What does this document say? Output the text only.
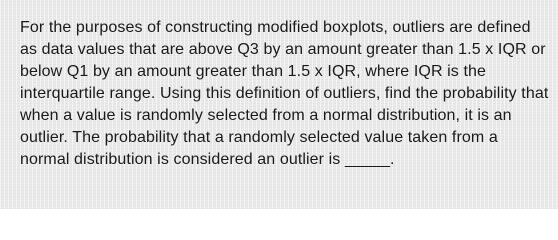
For the purposes of constructing modified boxplots, outliers are defined as data values that are above Q3 by an amount greater than 1.5 x IQR or below Q1 by an amount greater than 1.5 x IQR, where IQR is the interquartile range. Using this definition of outliers, find the probability that when a value is randomly selected from a normal distribution, it is an outlier. The probability that a randomly selected value taken from a normal distribution is considered an outlier is _____.
